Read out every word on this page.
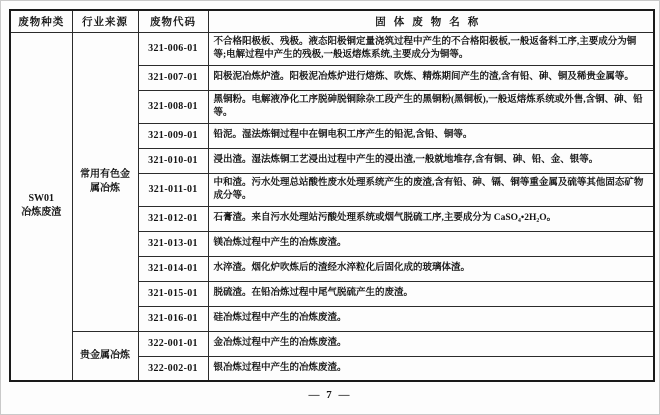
废物种类	行业来源	废物代码	固体废物名称

SW01
冶炼废渣	常用有色金属冶炼	321-006-01	不合格阳极板、残极。液态阳极铜定量浇筑过程中产生的不合格阳极板,一般返备料工序,主要成分为铜等;电解过程中产生的残极,一般返熔炼系统,主要成分为铜等。
		321-007-01	阳极泥冶炼炉渣。阳极泥冶炼炉进行熔炼、吹炼、精炼期间产生的渣,含有铅、砷、铜及稀贵金属等。
		321-008-01	黑铜粉。电解液净化工序脱砷脱铜除杂工段产生的黑铜粉(黑铜板),一般返熔炼系统或外售,含铜、砷、铅等。
		321-009-01	铅泥。湿法炼铜过程中在铜电积工序产生的铅泥,含铅、铜等。
		321-010-01	浸出渣。湿法炼铜工艺浸出过程中产生的浸出渣,一般就地堆存,含有铜、砷、铅、金、银等。
		321-011-01	中和渣。污水处理总站酸性废水处理系统产生的废渣,含有铅、砷、镉、铜等重金属及硫等其他固态矿物成分等。
		321-012-01	石膏渣。来自污水处理站污酸处理系统或烟气脱硫工序,主要成分为 CaSO₄•2H₂O。
		321-013-01	镁冶炼过程中产生的冶炼废渣。
		321-014-01	水淬渣。烟化炉吹炼后的渣经水淬粒化后固化成的玻璃体渣。
		321-015-01	脱硫渣。在铅冶炼过程中尾气脱硫产生的废渣。
		321-016-01	硅冶炼过程中产生的冶炼废渣。
	贵金属冶炼	322-001-01	金冶炼过程中产生的冶炼废渣。
		322-002-01	银冶炼过程中产生的冶炼废渣。
— 7 —
